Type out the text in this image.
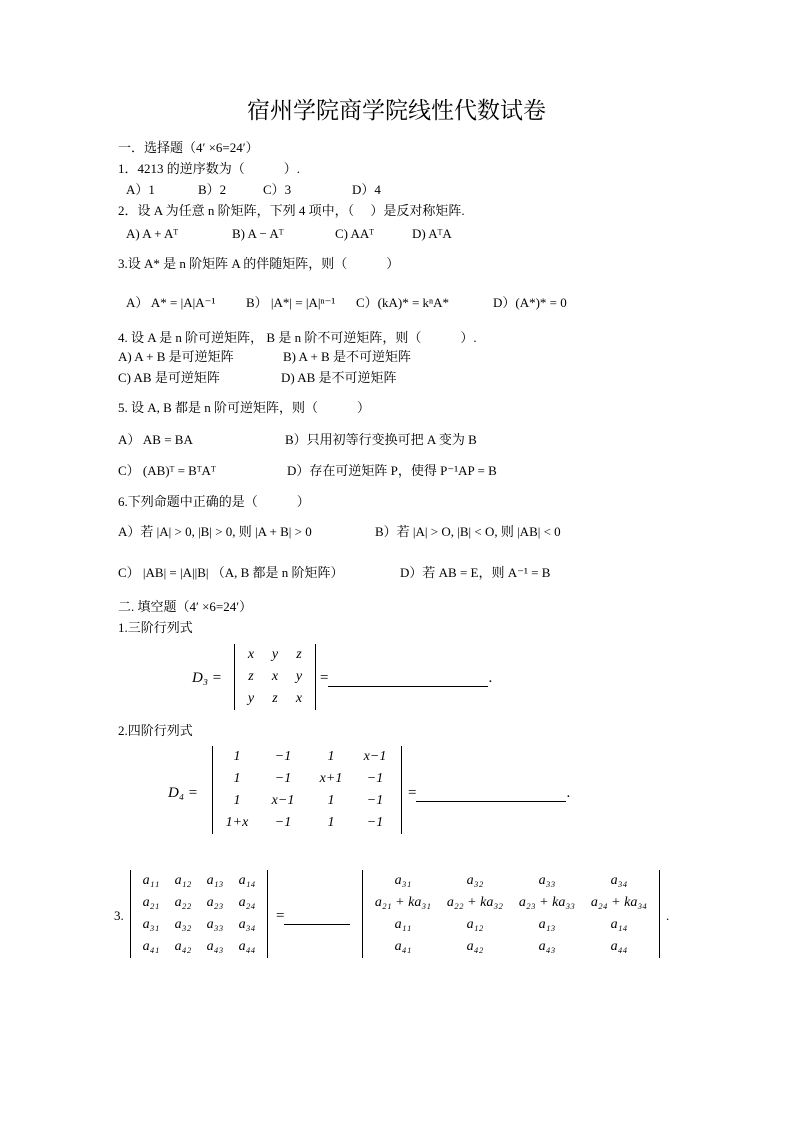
宿州学院商学院线性代数试卷
一．选择题（4′ ×6=24′）
1．4213 的逆序数为（　　　）.
A）1	B）2	C）3	D）4
2．设 A 为任意 n 阶矩阵，下列 4 项中，（　 ）是反对称矩阵.
A) A + Aᵀ	B) A − Aᵀ	C) AAᵀ	D) AᵀA
3.设 A* 是 n 阶矩阵 A 的伴随矩阵，则（　　　）
A） A* = |A|A⁻¹ B） |A*| = |A|ⁿ⁻¹ C）(kA)* = kⁿA*	D）(A*)* = 0
4. 设 A 是 n 阶可逆矩阵， B 是 n 阶不可逆矩阵，则（　　　）.
A) A + B 是可逆矩阵	B) A + B 是不可逆矩阵
C) AB 是可逆矩阵	D) AB 是不可逆矩阵
5. 设 A, B 都是 n 阶可逆矩阵，则（　　　）
A） AB = BA	B）只用初等行变换可把 A 变为 B
C） (AB)ᵀ = BᵀAᵀ	D）存在可逆矩阵 P，使得 P⁻¹AP = B
6.下列命题中正确的是（　　　）
A）若 |A| > 0, |B| > 0, 则 |A + B| > 0	B）若 |A| > O, |B| < O, 则 |AB| < 0
C） |AB| = |A||B| （A, B 都是 n 阶矩阵）	D）若 AB = E，则 A⁻¹ = B
二. 填空题（4′ ×6=24′）
1.三阶行列式
D₃ =
x	y	z
z	x	y
y	z	x
=	.
2.四阶行列式
D₄ =
1	−1	1	x−1
1	−1	x+1	−1
1	x−1	1	−1
1+x	−1	1	−1
=	.
3.
a₁₁	a₁₂	a₁₃	a₁₄
a₂₁	a₂₂	a₂₃	a₂₄
a₃₁	a₃₂	a₃₃	a₃₄
a₄₁	a₄₂	a₄₃	a₄₄
=
a₃₁	a₃₂	a₃₃	a₃₄
a₂₁ + ka₃₁	a₂₂ + ka₃₂	a₂₃ + ka₃₃	a₂₄ + ka₃₄
a₁₁	a₁₂	a₁₃	a₁₄
a₄₁	a₄₂	a₄₃	a₄₄
.
